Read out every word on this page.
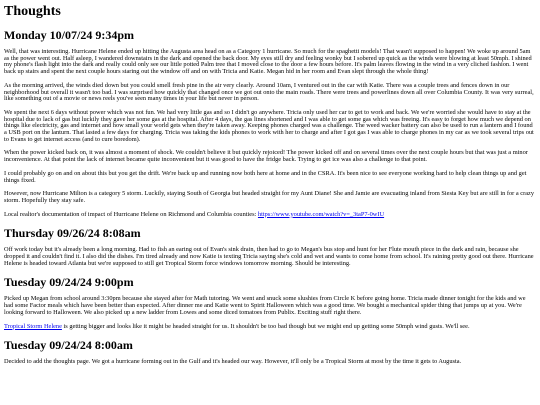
Thoughts
Monday 10/07/24 9:34pm

Well, that was interesting. Hurricane Helene ended up hitting the Augusta area head on as a Category 1 hurricane. So much for the spaghetti models! That wasn't supposed to happen! We woke up around 5am as the power went out. Half asleep, I wandered downstairs in the dark and opened the back door. My eyes still dry and feeling wonky but I sobered up quick as the winds were blowing at least 50mph. I shined my phone's flash light into the dark and really could only see our little potted Palm tree that I moved close to the door a few hours before. It's palm leaves flowing in the wind in a very cliched fashion. I went back up stairs and spent the next couple hours staring out the window off and on with Tricia and Katie. Megan hid in her room and Evan slept through the whole thing!

As the morning arrived, the winds died down but you could smell fresh pine in the air very clearly. Around 10am, I ventured out in the car with Katie. There was a couple trees and fences down in our neighborhood but overall it wasn't too bad. I was surprised how quickly that changed once we got out onto the main roads. There were trees and powerlines down all over Columbia County. It was very surreal, like something out of a movie or news reels you've seen many times in your life but never in person.

We spent the next 6 days without power which was not fun. We had very little gas and so I didn't go anywhere. Tricia only used her car to get to work and back. We we're worried she would have to stay at the hospital due to lack of gas but luckily they gave her some gas at the hospital. After 4 days, the gas lines shortened and I was able to get some gas which was freeing. It's easy to forget how much we depend on things like electricity, gas and internet and how small your world gets when they're taken away. Keeping phones charged was a challenge. The weed wacker battery can also be used to run a lantern and I found a USB port on the lanturn. That lasted a few days for charging. Tricia was taking the kids phones to work with her to charge and after I got gas I was able to charge phones in my car as we took several trips out to Evans to get internet access (and to cure boredom).

When the power kicked back on, it was almost a moment of shock. We couldn't believe it but quickly rejoiced! The power kicked off and on several times over the next couple hours but that was just a minor inconvenience. At that point the lack of internet became quite inconvenient but it was good to have the fridge back. Trying to get ice was also a challenge to that point.

I could probably go on and on about this but you get the drift. We're back up and running now both here at home and in the CSRA. It's been nice to see everyone working hard to help clean things up and get things fixed.

However, now Hurricane Milton is a category 5 storm. Luckily, staying South of Georgia but headed straight for my Aunt Diane! She and Jamie are evacuating inland from Siesta Key but are still in for a crazy storm. Hopefully they stay safe.

Local realtor's documentation of impact of Hurricane Helene on Richmond and Columbia counties: https://www.youtube.com/watch?v=_3taP7-0wIU

Thursday 09/26/24 8:08am

Off work today but it's already been a long morning. Had to fish an earing out of Evan's sink drain, then had to go to Megan's bus stop and hunt for her Flute mouth piece in the dark and rain, because she dropped it and couldn't find it. I also did the dishes. I'm tired already and now Katie is texting Tricia saying she's cold and wet and wants to come home from school. It's raining pretty good out there. Hurricane Helene is headed toward Atlanta but we're supposed to still get Tropical Storm force windows tomorrow morning. Should be interesting.

Tuesday 09/24/24 9:00pm

Picked up Megan from school around 3:30pm because she stayed after for Math tutoring. We went and snuck some slushies from Circle K before going home. Tricia made dinner tonight for the kids and we had some Factor meals which have been better than expected. After dinner me and Katie went to Spirit Halloween which was a good time. We bought a mechanical spider thing that jumps up at you. We're looking forward to Halloween. We also picked up a new ladder from Lowes and some diced tomatoes from Publix. Exciting stuff right there.

Tropical Storm Helene is getting bigger and looks like it might be headed straight for us. It shouldn't be too bad though but we might end up getting some 50mph wind gusts. We'll see.

Tuesday 09/24/24 8:00am

Decided to add the thoughts page. We got a hurricane forming out in the Gulf and it's headed our way. However, it'll only be a Tropical Storm at most by the time it gets to Augusta.
